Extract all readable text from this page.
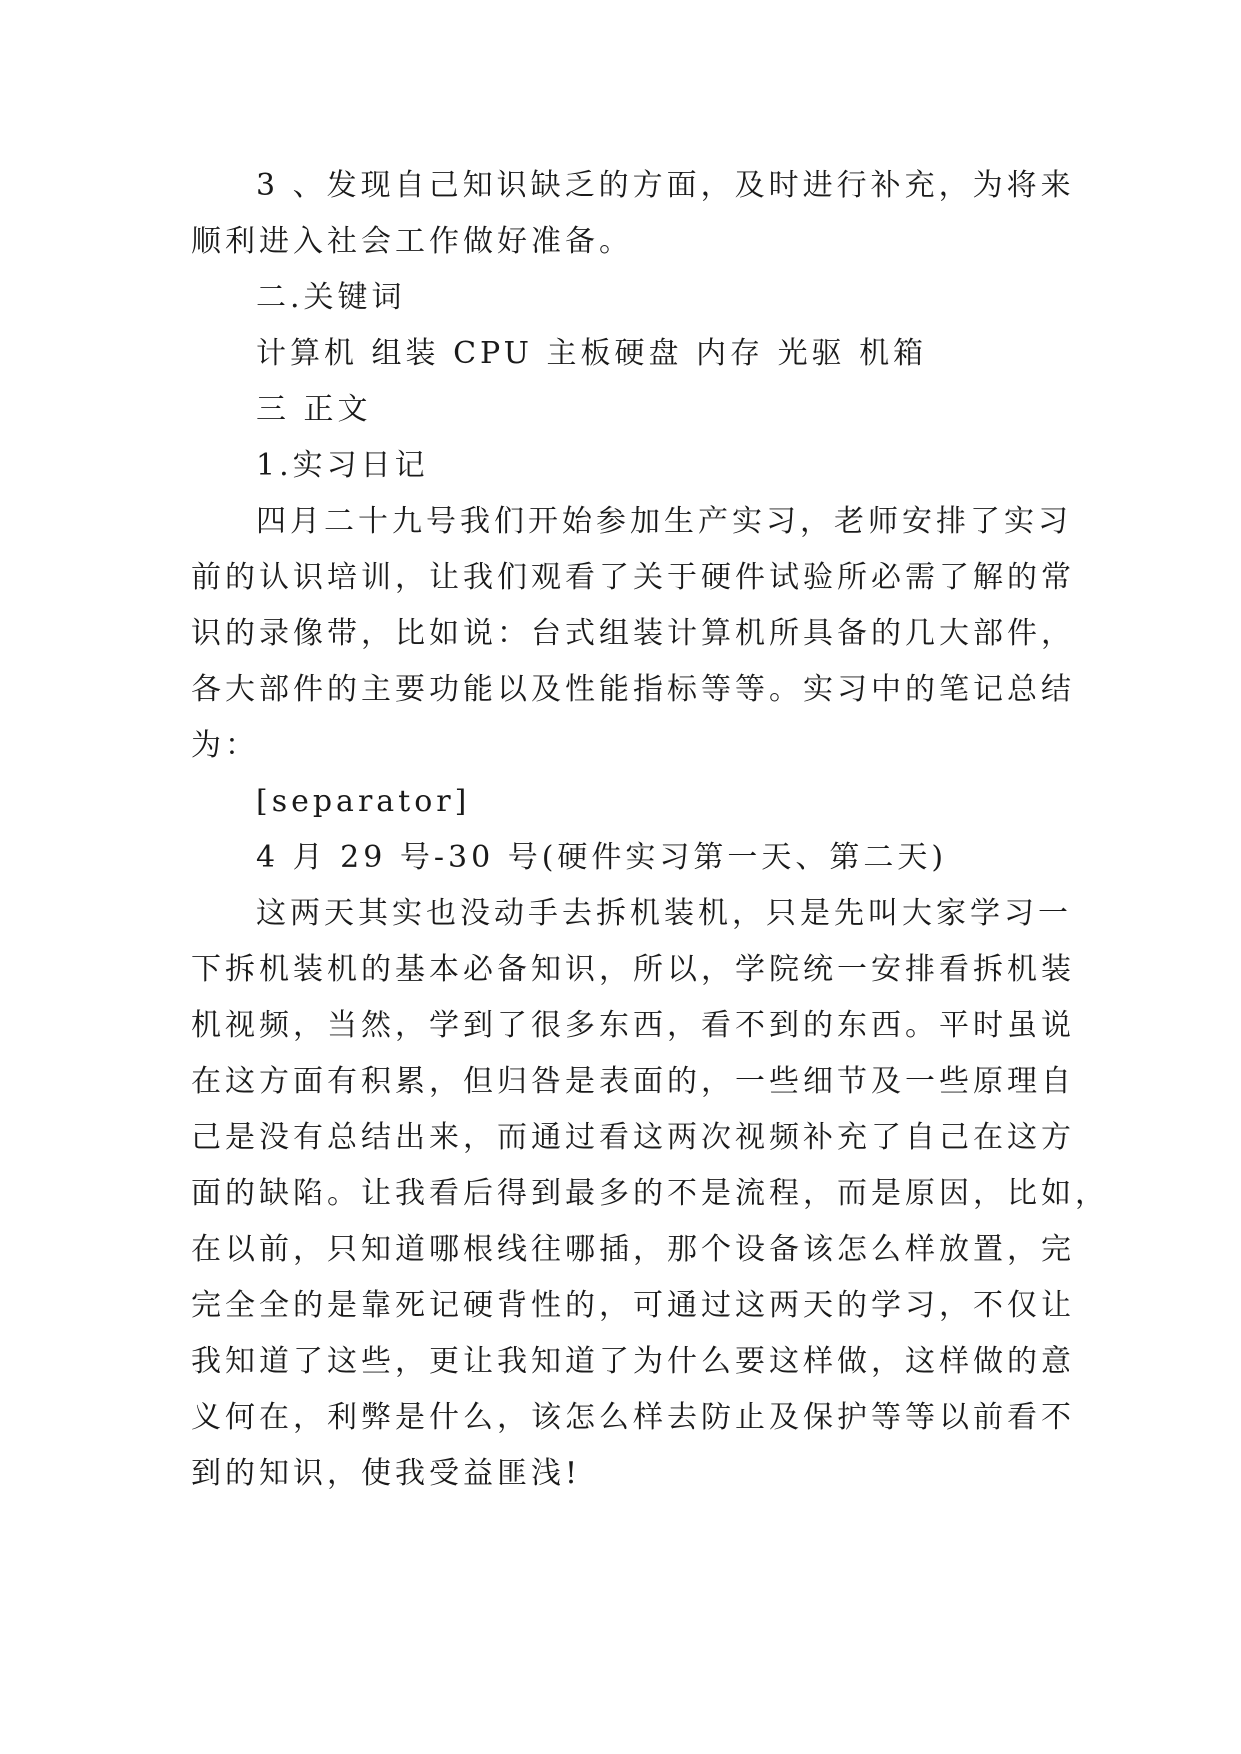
3 、发现自己知识缺乏的方面，及时进行补充，为将来
顺利进入社会工作做好准备。
二.关键词
计算机 组装 CPU 主板硬盘 内存 光驱 机箱
三 正文
1.实习日记
四月二十九号我们开始参加生产实习，老师安排了实习
前的认识培训，让我们观看了关于硬件试验所必需了解的常
识的录像带，比如说：台式组装计算机所具备的几大部件，
各大部件的主要功能以及性能指标等等。实习中的笔记总结
为：
[separator]
4 月 29 号-30 号(硬件实习第一天、第二天)
这两天其实也没动手去拆机装机，只是先叫大家学习一
下拆机装机的基本必备知识，所以，学院统一安排看拆机装
机视频，当然，学到了很多东西，看不到的东西。平时虽说
在这方面有积累，但归咎是表面的，一些细节及一些原理自
己是没有总结出来，而通过看这两次视频补充了自己在这方
面的缺陷。让我看后得到最多的不是流程，而是原因，比如，
在以前，只知道哪根线往哪插，那个设备该怎么样放置，完
完全全的是靠死记硬背性的，可通过这两天的学习，不仅让
我知道了这些，更让我知道了为什么要这样做，这样做的意
义何在，利弊是什么，该怎么样去防止及保护等等以前看不
到的知识，使我受益匪浅!
